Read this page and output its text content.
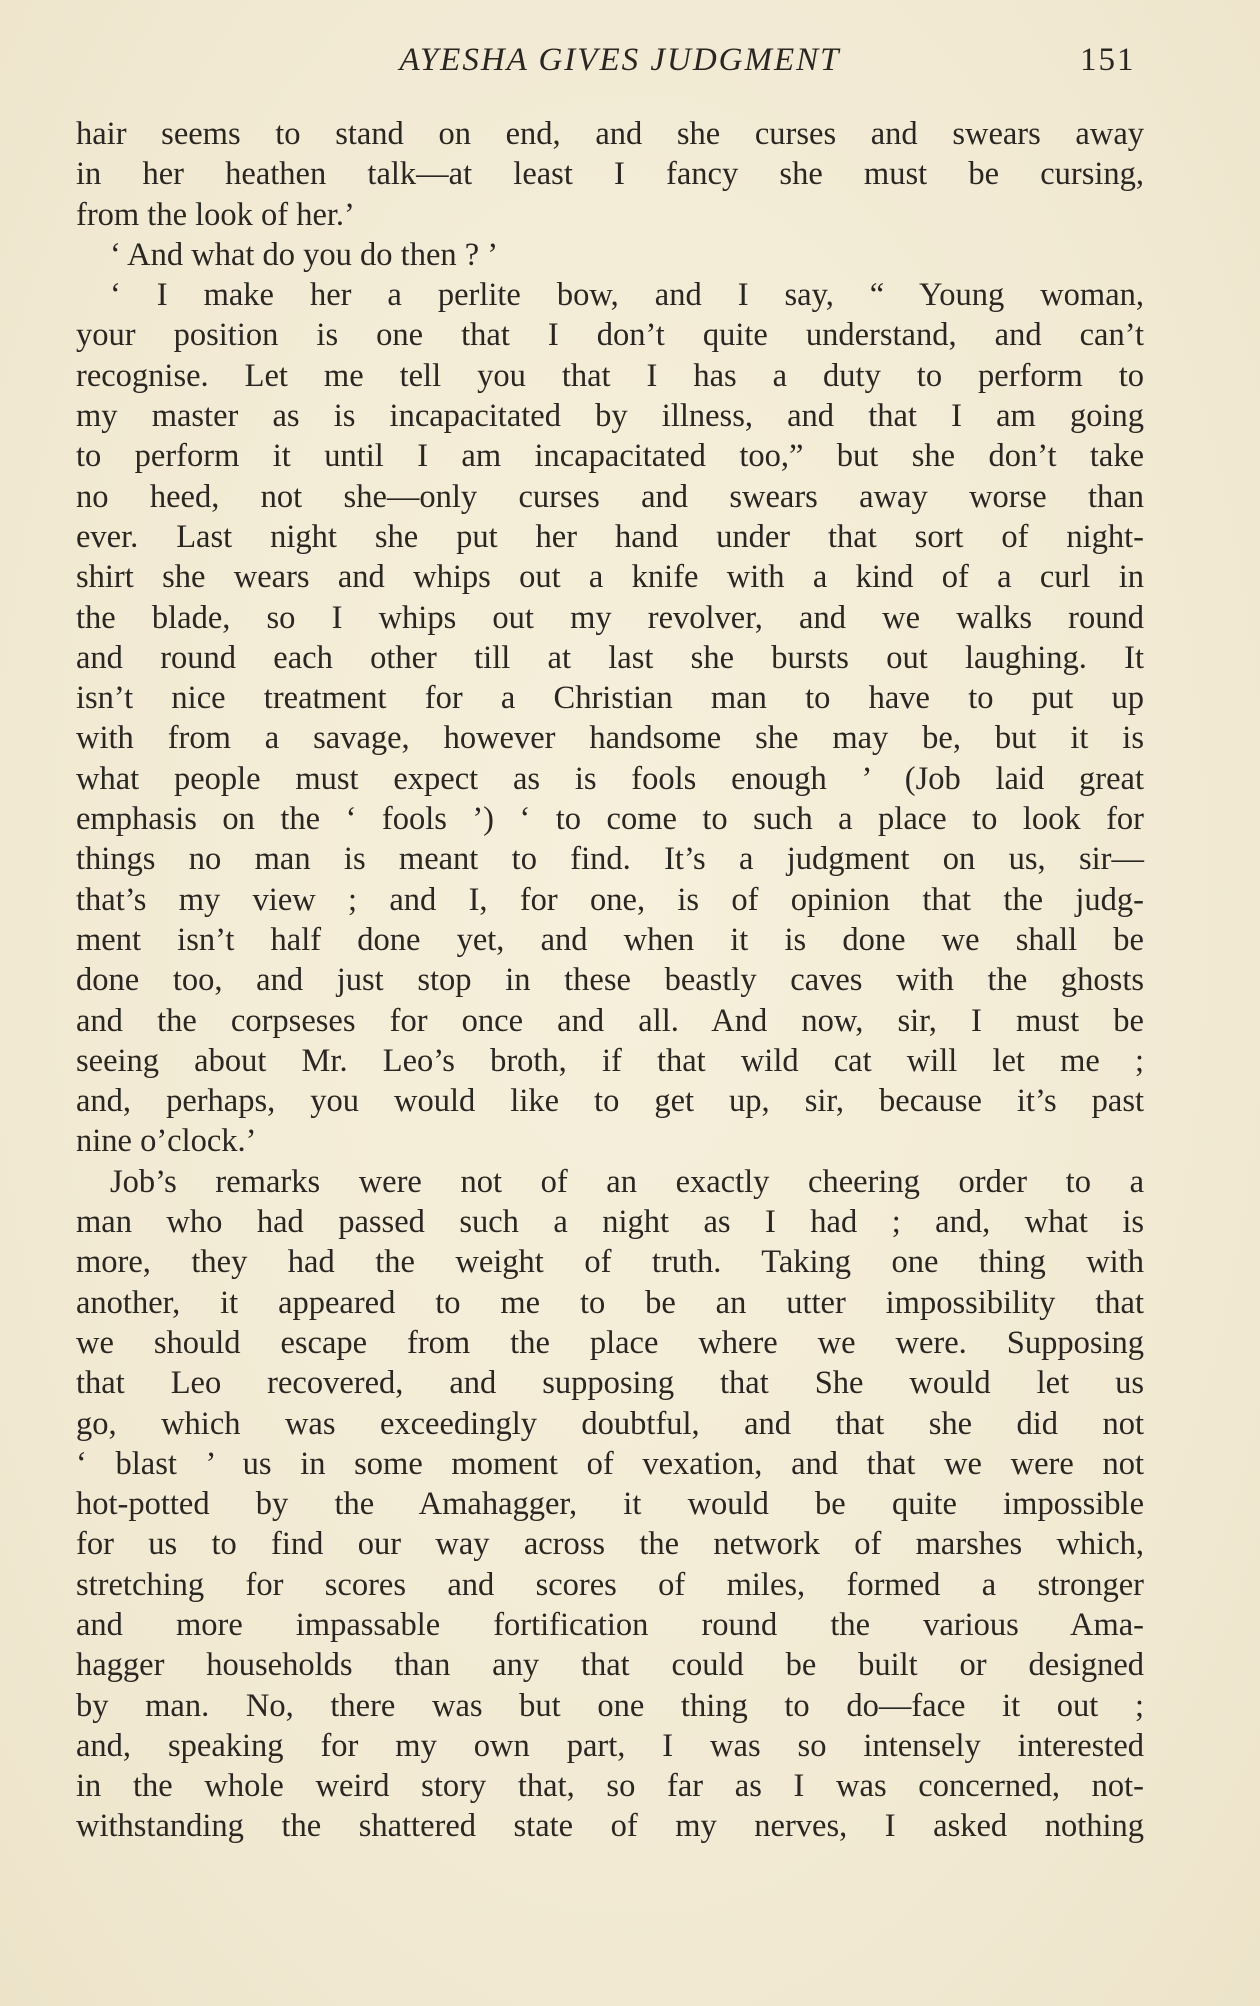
AYESHA GIVES JUDGMENT	151
hair seems to stand on end, and she curses and swears away
in her heathen talk—at least I fancy she must be cursing,
from the look of her.’
‘ And what do you do then ? ’
‘ I make her a perlite bow, and I say, “ Young woman,
your position is one that I don’t quite understand, and can’t
recognise. Let me tell you that I has a duty to perform to
my master as is incapacitated by illness, and that I am going
to perform it until I am incapacitated too,” but she don’t take
no heed, not she—only curses and swears away worse than
ever. Last night she put her hand under that sort of night-
shirt she wears and whips out a knife with a kind of a curl in
the blade, so I whips out my revolver, and we walks round
and round each other till at last she bursts out laughing. It
isn’t nice treatment for a Christian man to have to put up
with from a savage, however handsome she may be, but it is
what people must expect as is fools enough ’ (Job laid great
emphasis on the ‘ fools ’) ‘ to come to such a place to look for
things no man is meant to find. It’s a judgment on us, sir—
that’s my view ; and I, for one, is of opinion that the judg-
ment isn’t half done yet, and when it is done we shall be
done too, and just stop in these beastly caves with the ghosts
and the corpseses for once and all. And now, sir, I must be
seeing about Mr. Leo’s broth, if that wild cat will let me ;
and, perhaps, you would like to get up, sir, because it’s past
nine o’clock.’
Job’s remarks were not of an exactly cheering order to a
man who had passed such a night as I had ; and, what is
more, they had the weight of truth. Taking one thing with
another, it appeared to me to be an utter impossibility that
we should escape from the place where we were. Supposing
that Leo recovered, and supposing that She would let us
go, which was exceedingly doubtful, and that she did not
‘ blast ’ us in some moment of vexation, and that we were not
hot-potted by the Amahagger, it would be quite impossible
for us to find our way across the network of marshes which,
stretching for scores and scores of miles, formed a stronger
and more impassable fortification round the various Ama-
hagger households than any that could be built or designed
by man. No, there was but one thing to do—face it out ;
and, speaking for my own part, I was so intensely interested
in the whole weird story that, so far as I was concerned, not-
withstanding the shattered state of my nerves, I asked nothing
